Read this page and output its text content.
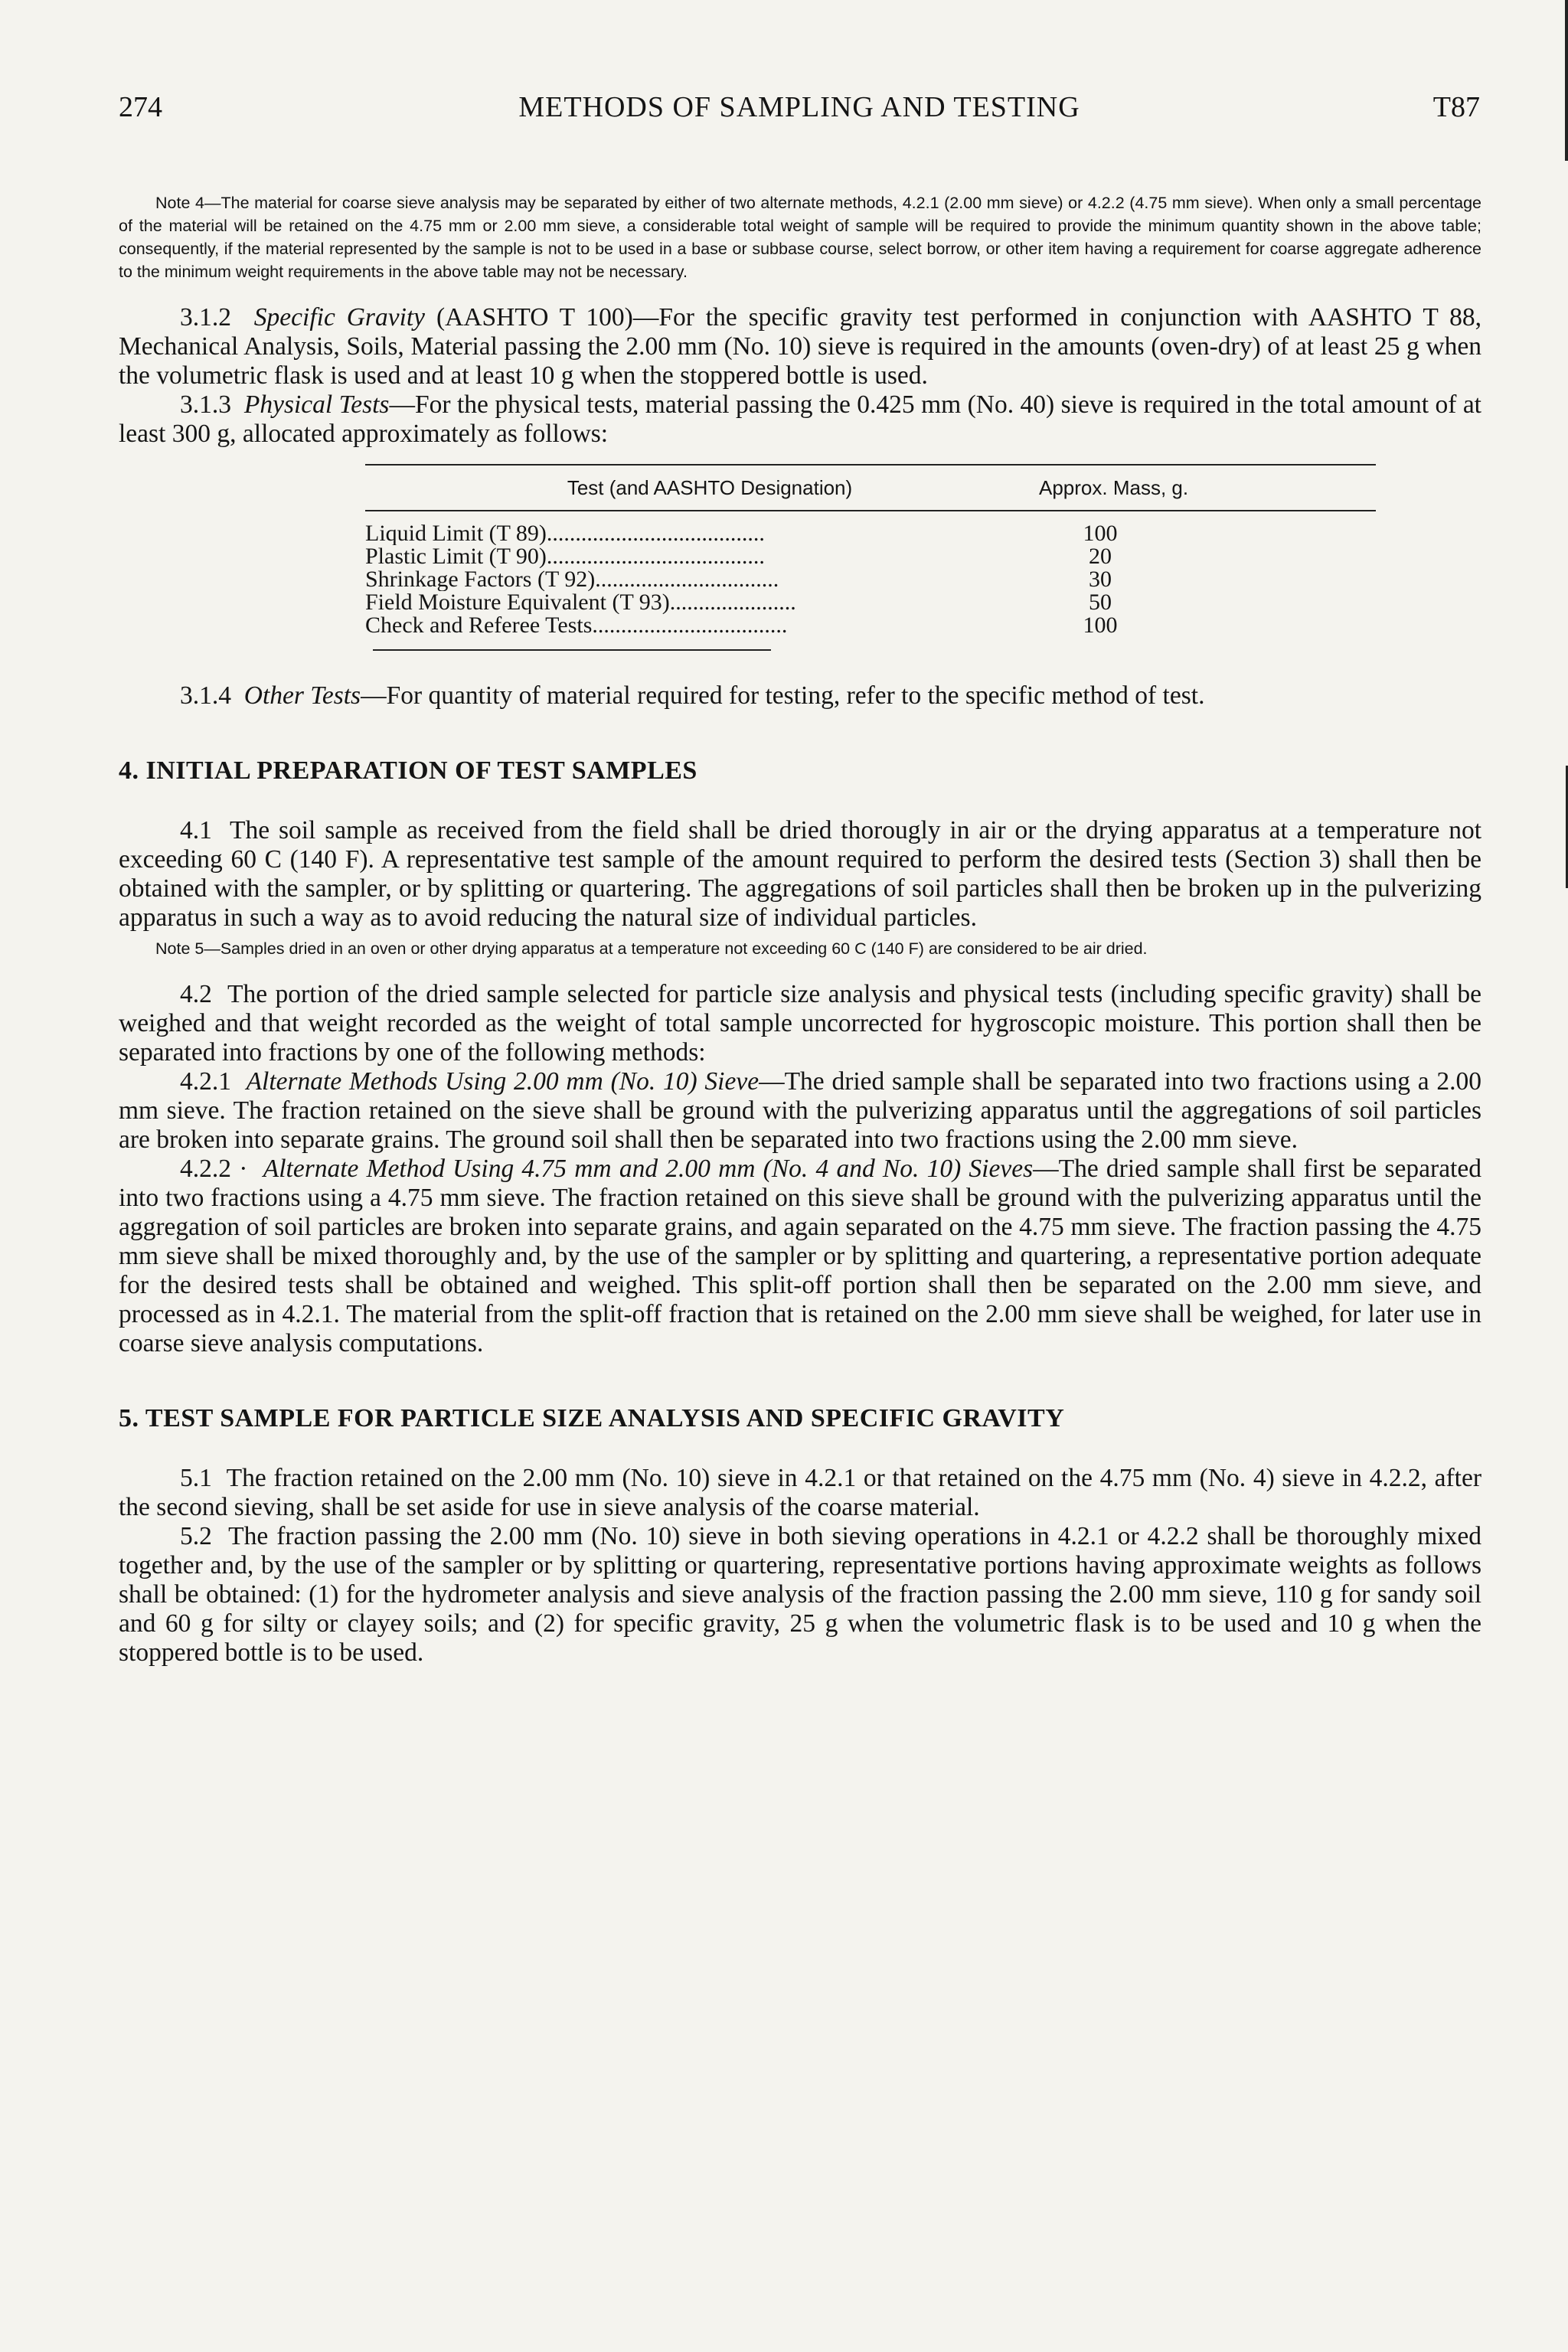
274	METHODS OF SAMPLING AND TESTING	T87

Note 4—The material for coarse sieve analysis may be separated by either of two alternate methods, 4.2.1 (2.00 mm sieve) or 4.2.2 (4.75 mm sieve). When only a small percentage of the material will be retained on the 4.75 mm or 2.00 mm sieve, a considerable total weight of sample will be required to provide the minimum quantity shown in the above table; consequently, if the material represented by the sample is not to be used in a base or subbase course, select borrow, or other item having a requirement for coarse aggregate adherence to the minimum weight requirements in the above table may not be necessary.

3.1.2 Specific Gravity (AASHTO T 100)—For the specific gravity test performed in conjunction with AASHTO T 88, Mechanical Analysis, Soils, Material passing the 2.00 mm (No. 10) sieve is required in the amounts (oven-dry) of at least 25 g when the volumetric flask is used and at least 10 g when the stoppered bottle is used.

3.1.3 Physical Tests—For the physical tests, material passing the 0.425 mm (No. 40) sieve is required in the total amount of at least 300 g, allocated approximately as follows:

Test (and AASHTO Designation)	Approx. Mass, g.
Liquid Limit (T 89)......................................	100
Plastic Limit (T 90)......................................	20
Shrinkage Factors (T 92)................................	30
Field Moisture Equivalent (T 93)......................	50
Check and Referee Tests..................................	100

3.1.4 Other Tests—For quantity of material required for testing, refer to the specific method of test.

4. INITIAL PREPARATION OF TEST SAMPLES

4.1 The soil sample as received from the field shall be dried thorougly in air or the drying apparatus at a temperature not exceeding 60 C (140 F). A representative test sample of the amount required to perform the desired tests (Section 3) shall then be obtained with the sampler, or by splitting or quartering. The aggregations of soil particles shall then be broken up in the pulverizing apparatus in such a way as to avoid reducing the natural size of individual particles.

Note 5—Samples dried in an oven or other drying apparatus at a temperature not exceeding 60 C (140 F) are considered to be air dried.

4.2 The portion of the dried sample selected for particle size analysis and physical tests (including specific gravity) shall be weighed and that weight recorded as the weight of total sample uncorrected for hygroscopic moisture. This portion shall then be separated into fractions by one of the following methods:

4.2.1 Alternate Methods Using 2.00 mm (No. 10) Sieve—The dried sample shall be separated into two fractions using a 2.00 mm sieve. The fraction retained on the sieve shall be ground with the pulverizing apparatus until the aggregations of soil particles are broken into separate grains. The ground soil shall then be separated into two fractions using the 2.00 mm sieve.

4.2.2 · Alternate Method Using 4.75 mm and 2.00 mm (No. 4 and No. 10) Sieves—The dried sample shall first be separated into two fractions using a 4.75 mm sieve. The fraction retained on this sieve shall be ground with the pulverizing apparatus until the aggregation of soil particles are broken into separate grains, and again separated on the 4.75 mm sieve. The fraction passing the 4.75 mm sieve shall be mixed thoroughly and, by the use of the sampler or by splitting and quartering, a representative portion adequate for the desired tests shall be obtained and weighed. This split-off portion shall then be separated on the 2.00 mm sieve, and processed as in 4.2.1. The material from the split-off fraction that is retained on the 2.00 mm sieve shall be weighed, for later use in coarse sieve analysis computations.

5. TEST SAMPLE FOR PARTICLE SIZE ANALYSIS AND SPECIFIC GRAVITY

5.1 The fraction retained on the 2.00 mm (No. 10) sieve in 4.2.1 or that retained on the 4.75 mm (No. 4) sieve in 4.2.2, after the second sieving, shall be set aside for use in sieve analysis of the coarse material.

5.2 The fraction passing the 2.00 mm (No. 10) sieve in both sieving operations in 4.2.1 or 4.2.2 shall be thoroughly mixed together and, by the use of the sampler or by splitting or quartering, representative portions having approximate weights as follows shall be obtained: (1) for the hydrometer analysis and sieve analysis of the fraction passing the 2.00 mm sieve, 110 g for sandy soil and 60 g for silty or clayey soils; and (2) for specific gravity, 25 g when the volumetric flask is to be used and 10 g when the stoppered bottle is to be used.
